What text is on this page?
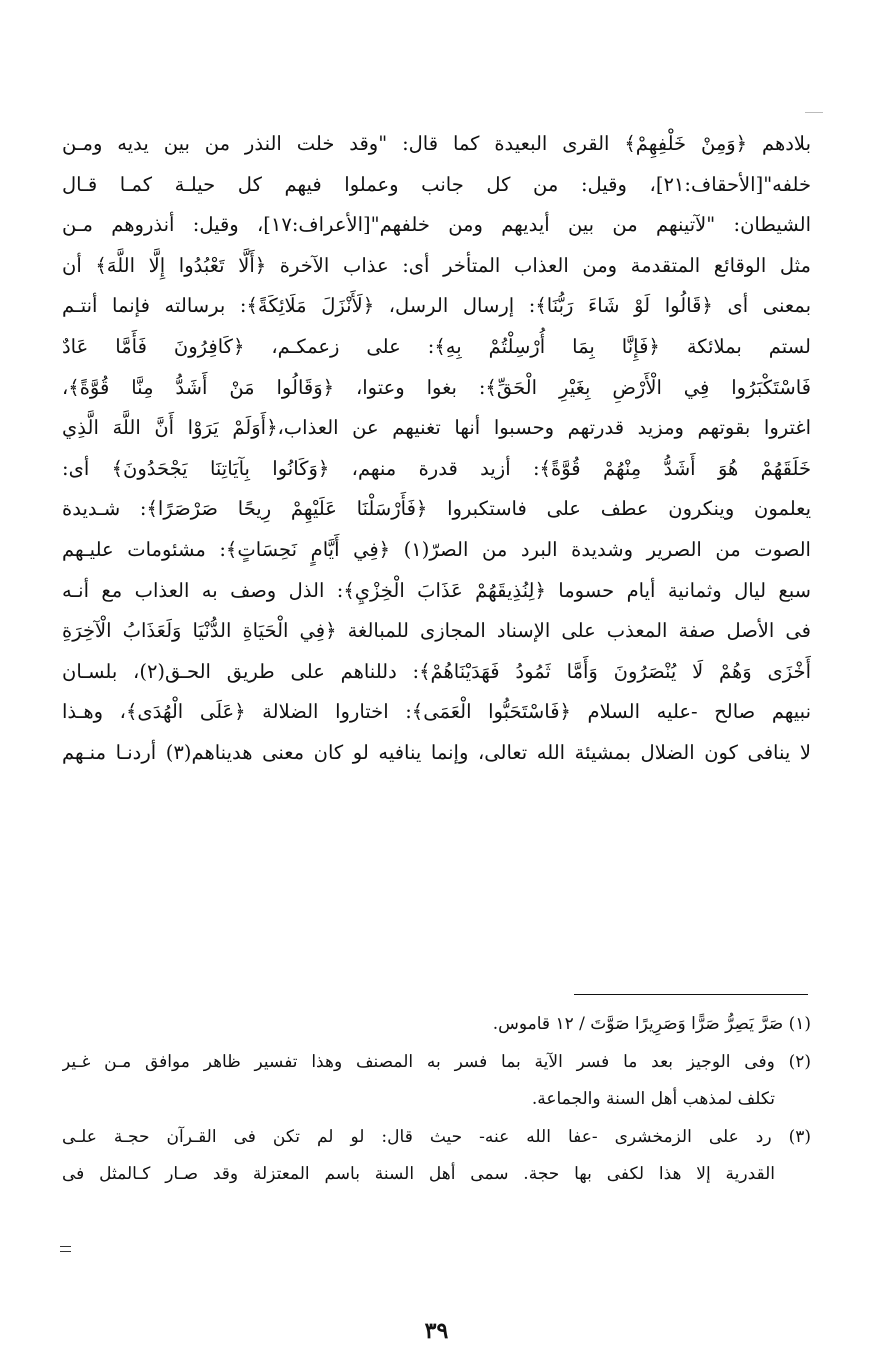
بلادهم ﴿وَمِنْ خَلْفِهِمْ﴾ القرى البعيدة كما قال: "وقد خلت النذر من بين يديه ومـن
خلفه"[الأحقاف:٢١]، وقيل: من كل جانب وعملوا فيهم كل حيلـة كمـا قـال
الشيطان: "لآتينهم من بين أيديهم ومن خلفهم"[الأعراف:١٧]، وقيل: أنذروهم مـن
مثل الوقائع المتقدمة ومن العذاب المتأخر أى: عذاب الآخرة ﴿أَلَّا تَعْبُدُوا إِلَّا اللَّهَ﴾ أن
بمعنى أى ﴿قَالُوا لَوْ شَاءَ رَبُّنَا﴾: إرسال الرسل، ﴿لَأَنْزَلَ مَلَائِكَةً﴾: برسالته فإنما أنتـم
لستم بملائكة ﴿فَإِنَّا بِمَا أُرْسِلْتُمْ بِهِ﴾: على زعمكـم، ﴿كَافِرُونَ فَأَمَّا عَادٌ
فَاسْتَكْبَرُوا فِي الْأَرْضِ بِغَيْرِ الْحَقِّ﴾: بغوا وعتوا، ﴿وَقَالُوا مَنْ أَشَدُّ مِنَّا قُوَّةً﴾،
اغتروا بقوتهم ومزيد قدرتهم وحسبوا أنها تغنيهم عن العذاب،﴿أَوَلَمْ يَرَوْا أَنَّ اللَّهَ الَّذِي
خَلَقَهُمْ هُوَ أَشَدُّ مِنْهُمْ قُوَّةً﴾: أزيد قدرة منهم، ﴿وَكَانُوا بِآيَاتِنَا يَجْحَدُونَ﴾ أى:
يعلمون وينكرون عطف على فاستكبروا ﴿فَأَرْسَلْنَا عَلَيْهِمْ رِيحًا صَرْصَرًا﴾: شـديدة
الصوت من الصرير وشديدة البرد من الصرّ(١) ﴿فِي أَيَّامٍ نَحِسَاتٍ﴾: مشئومات عليـهم
سبع ليال وثمانية أيام حسوما ﴿لِنُذِيقَهُمْ عَذَابَ الْخِزْيِ﴾: الذل وصف به العذاب مع أنـه
فى الأصل صفة المعذب على الإسناد المجازى للمبالغة ﴿فِي الْحَيَاةِ الدُّنْيَا وَلَعَذَابُ الْآخِرَةِ
أَخْزَى وَهُمْ لَا يُنْصَرُونَ وَأَمَّا ثَمُودُ فَهَدَيْنَاهُمْ﴾: دللناهم على طريق الحـق(٢)، بلسـان
نبيهم صالح -عليه السلام ﴿فَاسْتَحَبُّوا الْعَمَى﴾: اختاروا الضلالة ﴿عَلَى الْهُدَى﴾، وهـذا
لا ينافى كون الضلال بمشيئة الله تعالى، وإنما ينافيه لو كان معنى هديناهم(٣) أردنـا منـهم
(١) صَرَّ يَصِرُّ صَرًّا وَصَرِيرًا صَوَّتَ / ١٢ قاموس.
(٢) وفى الوجيز بعد ما فسر الآية بما فسر به المصنف وهذا تفسير ظاهر موافق مـن غـير
تكلف لمذهب أهل السنة والجماعة.
(٣) رد على الزمخشرى -عفا الله عنه- حيث قال: لو لم تكن فى القـرآن حجـة علـى
القدرية إلا هذا لكفى بها حجة. سمى أهل السنة باسم المعتزلة وقد صـار كـالمثل فى
٣٩
